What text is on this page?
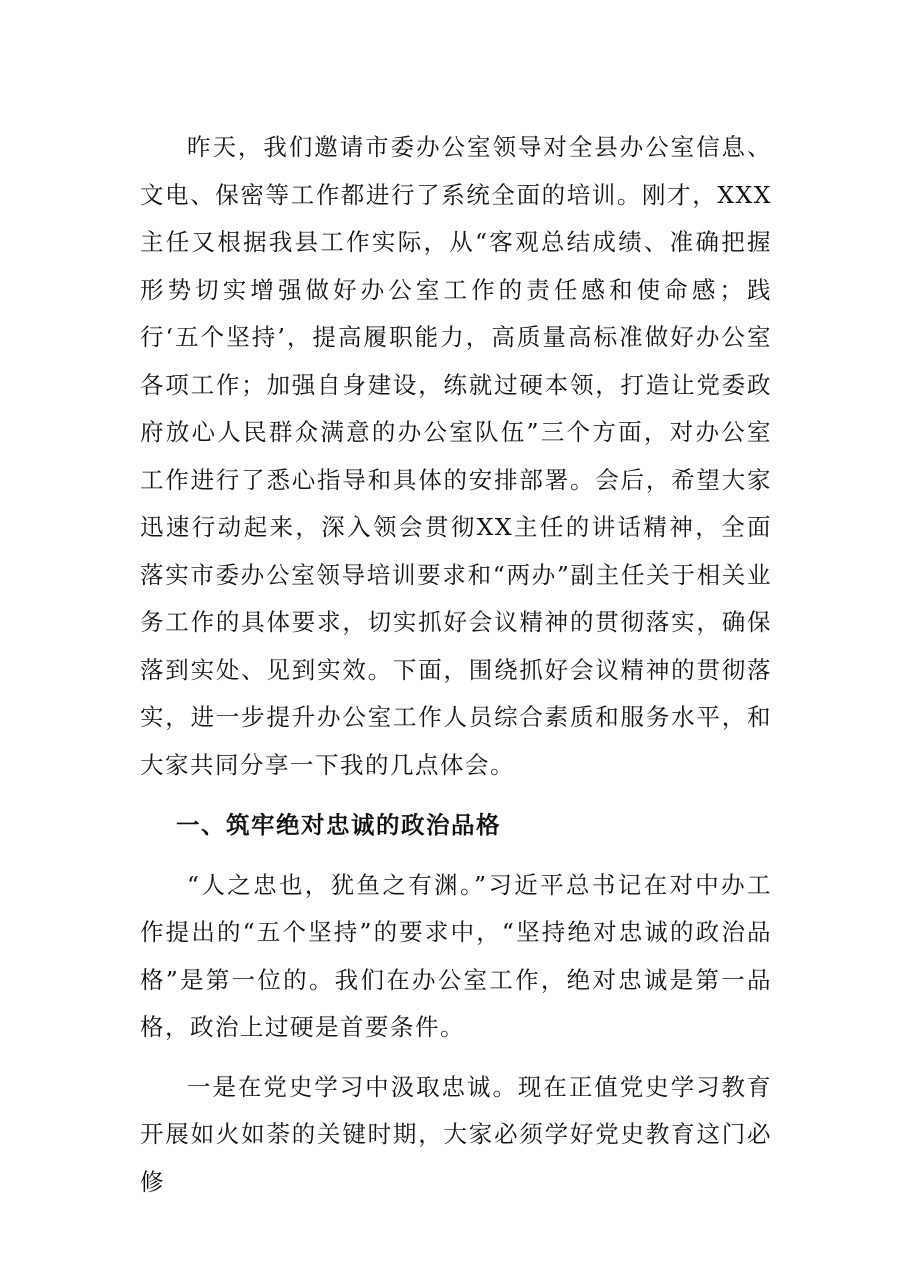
昨天，我们邀请市委办公室领导对全县办公室信息、文电、保密等工作都进行了系统全面的培训。刚才，XXX主任又根据我县工作实际，从“客观总结成绩、准确把握形势切实增强做好办公室工作的责任感和使命感；践行‘五个坚持’，提高履职能力，高质量高标准做好办公室各项工作；加强自身建设，练就过硬本领，打造让党委政府放心人民群众满意的办公室队伍”三个方面，对办公室工作进行了悉心指导和具体的安排部署。会后，希望大家迅速行动起来，深入领会贯彻XX主任的讲话精神，全面落实市委办公室领导培训要求和“两办”副主任关于相关业务工作的具体要求，切实抓好会议精神的贯彻落实，确保落到实处、见到实效。下面，围绕抓好会议精神的贯彻落实，进一步提升办公室工作人员综合素质和服务水平，和大家共同分享一下我的几点体会。

一、筑牢绝对忠诚的政治品格

“人之忠也，犹鱼之有渊。”习近平总书记在对中办工作提出的“五个坚持”的要求中，“坚持绝对忠诚的政治品格”是第一位的。我们在办公室工作，绝对忠诚是第一品格，政治上过硬是首要条件。

一是在党史学习中汲取忠诚。现在正值党史学习教育开展如火如荼的关键时期，大家必须学好党史教育这门必修
